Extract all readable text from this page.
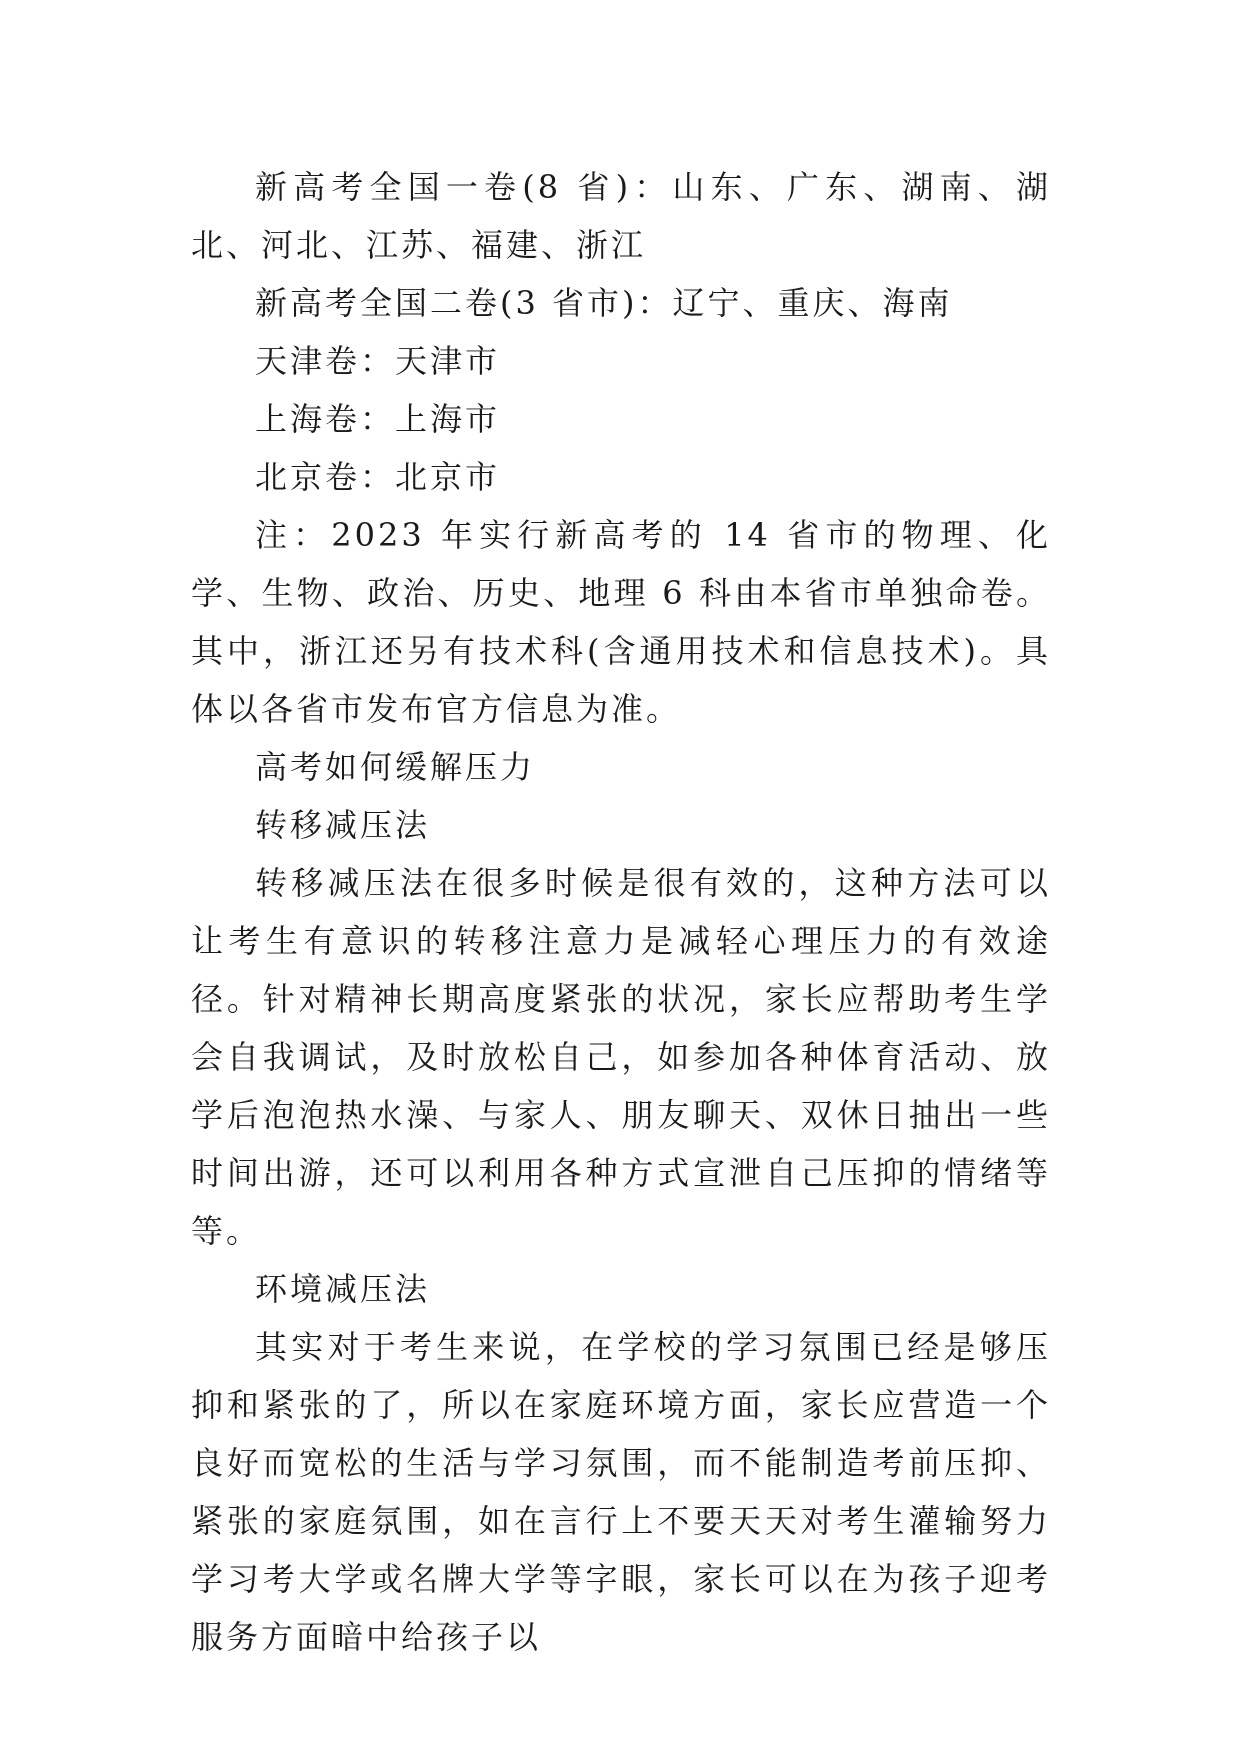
新高考全国一卷(8 省)：山东、广东、湖南、湖北、河北、江苏、福建、浙江

新高考全国二卷(3 省市)：辽宁、重庆、海南

天津卷：天津市

上海卷：上海市

北京卷：北京市

注：2023 年实行新高考的 14 省市的物理、化学、生物、政治、历史、地理 6 科由本省市单独命卷。其中，浙江还另有技术科(含通用技术和信息技术)。具体以各省市发布官方信息为准。

高考如何缓解压力

转移减压法

转移减压法在很多时候是很有效的，这种方法可以让考生有意识的转移注意力是减轻心理压力的有效途径。针对精神长期高度紧张的状况，家长应帮助考生学会自我调试，及时放松自己，如参加各种体育活动、放学后泡泡热水澡、与家人、朋友聊天、双休日抽出一些时间出游，还可以利用各种方式宣泄自己压抑的情绪等等。

环境减压法

其实对于考生来说，在学校的学习氛围已经是够压抑和紧张的了，所以在家庭环境方面，家长应营造一个良好而宽松的生活与学习氛围，而不能制造考前压抑、紧张的家庭氛围，如在言行上不要天天对考生灌输努力学习考大学或名牌大学等字眼，家长可以在为孩子迎考服务方面暗中给孩子以
